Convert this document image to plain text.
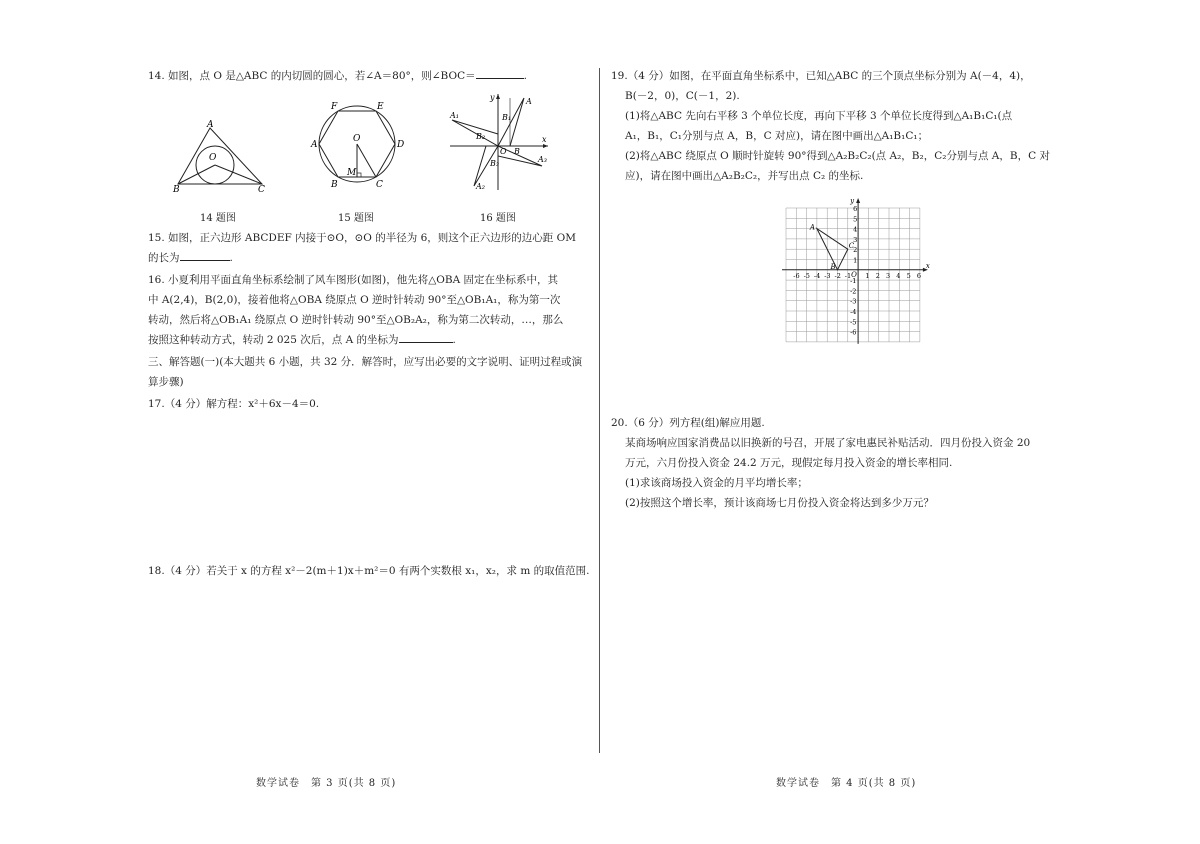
14. 如图，点 O 是△ABC 的内切圆的圆心，若∠A＝80°，则∠BOC＝	.
A
O
B	C
F	E
A	D
O
B
M
C
y	A
A₁	B₁
B₂
O B
x
B₃	A₃
A₂
14 题图	15 题图	16 题图
15. 如图，正六边形 ABCDEF 内接于⊙O，⊙O 的半径为 6，则这个正六边形的边心距 OM
的长为	.
16. 小夏利用平面直角坐标系绘制了风车图形(如图)，他先将△OBA 固定在坐标系中，其
中 A(2,4)，B(2,0)，接着他将△OBA 绕原点 O 逆时针转动 90°至△OB₁A₁，称为第一次
转动，然后将△OB₁A₁ 绕原点 O 逆时针转动 90°至△OB₂A₂，称为第二次转动，…，那么
按照这种转动方式，转动 2 025 次后，点 A 的坐标为	.
三、解答题(一)(本大题共 6 小题，共 32 分．解答时，应写出必要的文字说明、证明过程或演
算步骤)
17.（4 分）解方程：x²＋6x－4＝0.
18.（4 分）若关于 x 的方程 x²－2(m＋1)x＋m²＝0 有两个实数根 x₁，x₂，求 m 的取值范围.
数学试卷　第 3 页(共 8 页)
19.（4 分）如图，在平面直角坐标系中，已知△ABC 的三个顶点坐标分别为 A(－4，4)，
B(－2，0)，C(－1，2).
(1)将△ABC 先向右平移 3 个单位长度，再向下平移 3 个单位长度得到△A₁B₁C₁(点
A₁，B₁，C₁分别与点 A，B，C 对应)，请在图中画出△A₁B₁C₁；
(2)将△ABC 绕原点 O 顺时针旋转 90°得到△A₂B₂C₂(点 A₂，B₂，C₂分别与点 A，B，C 对
应)，请在图中画出△A₂B₂C₂，并写出点 C₂ 的坐标.
x
y
O
-6 -5 -4 -3 -2 -1 1 2 3 4 5 6
6
5
4
3
2
1
-1
-2
-3
-4
-5
-6
A
B
C
20.（6 分）列方程(组)解应用题.
某商场响应国家消费品以旧换新的号召，开展了家电惠民补贴活动．四月份投入资金 20
万元，六月份投入资金 24.2 万元，现假定每月投入资金的增长率相同.
(1)求该商场投入资金的月平均增长率；
(2)按照这个增长率，预计该商场七月份投入资金将达到多少万元？
数学试卷　第 4 页(共 8 页)
